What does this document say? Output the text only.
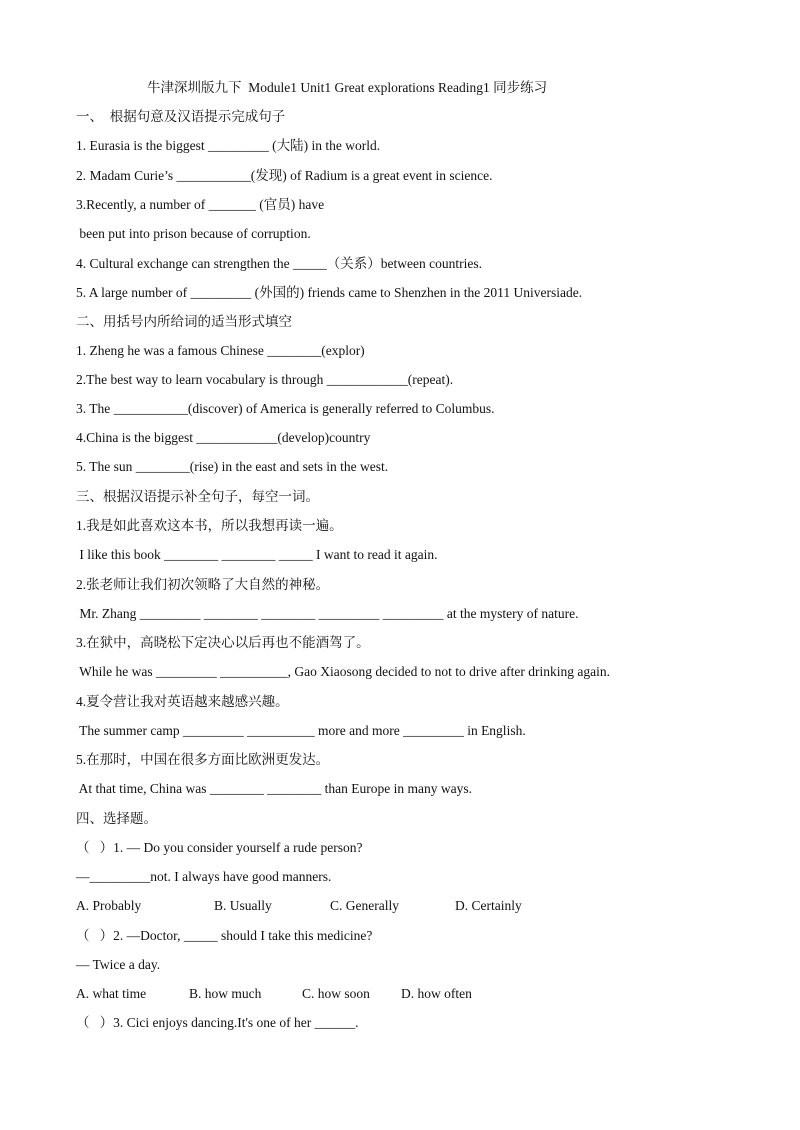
牛津深圳版九下  Module1 Unit1 Great explorations Reading1 同步练习
一、  根据句意及汉语提示完成句子
1. Eurasia is the biggest _________ (大陆) in the world.
2. Madam Curie’s ___________(发现) of Radium is a great event in science.
3.Recently, a number of _______ (官员) have
been put into prison because of corruption.
4. Cultural exchange can strengthen the _____（关系）between countries.
5. A large number of _________ (外国的) friends came to Shenzhen in the 2011 Universiade.
二、用括号内所给词的适当形式填空
1. Zheng he was a famous Chinese ________(explor)
2.The best way to learn vocabulary is through ____________(repeat).
3. The ___________(discover) of America is generally referred to Columbus.
4.China is the biggest ____________(develop)country
5. The sun ________(rise) in the east and sets in the west.
三、根据汉语提示补全句子，每空一词。
1.我是如此喜欢这本书，所以我想再读一遍。
I like this book ________ ________ _____ I want to read it again.
2.张老师让我们初次领略了大自然的神秘。
Mr. Zhang _________ ________ ________ _________ _________ at the mystery of nature.
3.在狱中，高晓松下定决心以后再也不能酒驾了。
While he was _________ __________, Gao Xiaosong decided to not to drive after drinking again.
4.夏令营让我对英语越来越感兴趣。
The summer camp _________ __________ more and more _________ in English.
5.在那时，中国在很多方面比欧洲更发达。
At that time, China was ________ ________ than Europe in many ways.
四、选择题。
（   ）1. — Do you consider yourself a rude person?
—_________not. I always have good manners.
A. Probably	B. Usually	C. Generally	D. Certainly
（   ）2. —Doctor, _____ should I take this medicine?
— Twice a day.
A. what time	B. how much	C. how soon D. how often
（   ）3. Cici enjoys dancing.It's one of her ______.
